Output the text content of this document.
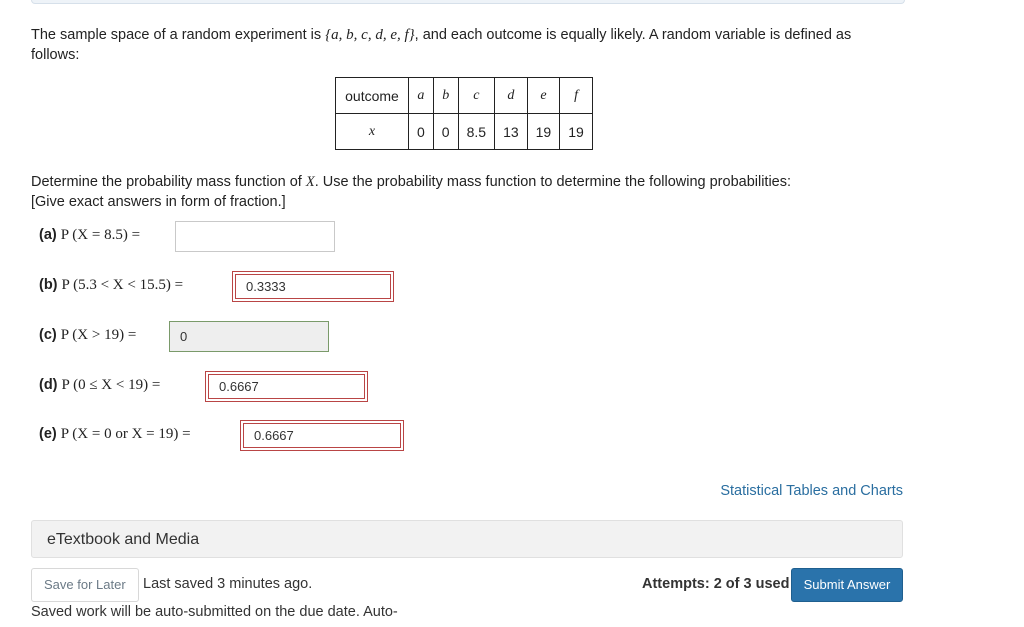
The sample space of a random experiment is {a, b, c, d, e, f}, and each outcome is equally likely. A random variable is defined as follows:
outcome	a	b	c	d	e	f
x	0	0	8.5	13	19	19
Determine the probability mass function of X. Use the probability mass function to determine the following probabilities:
[Give exact answers in form of fraction.]
(a) P (X = 8.5) =
(b) P (5.3 < X < 15.5) =	0.3333
(c) P (X > 19) =	0
(d) P (0 ≤ X < 19) =	0.6667
(e) P (X = 0 or X = 19) =	0.6667
Statistical Tables and Charts
eTextbook and Media
Save for Later	Last saved 3 minutes ago.
Saved work will be auto-submitted on the due date. Auto-
Attempts: 2 of 3 used	Submit Answer
